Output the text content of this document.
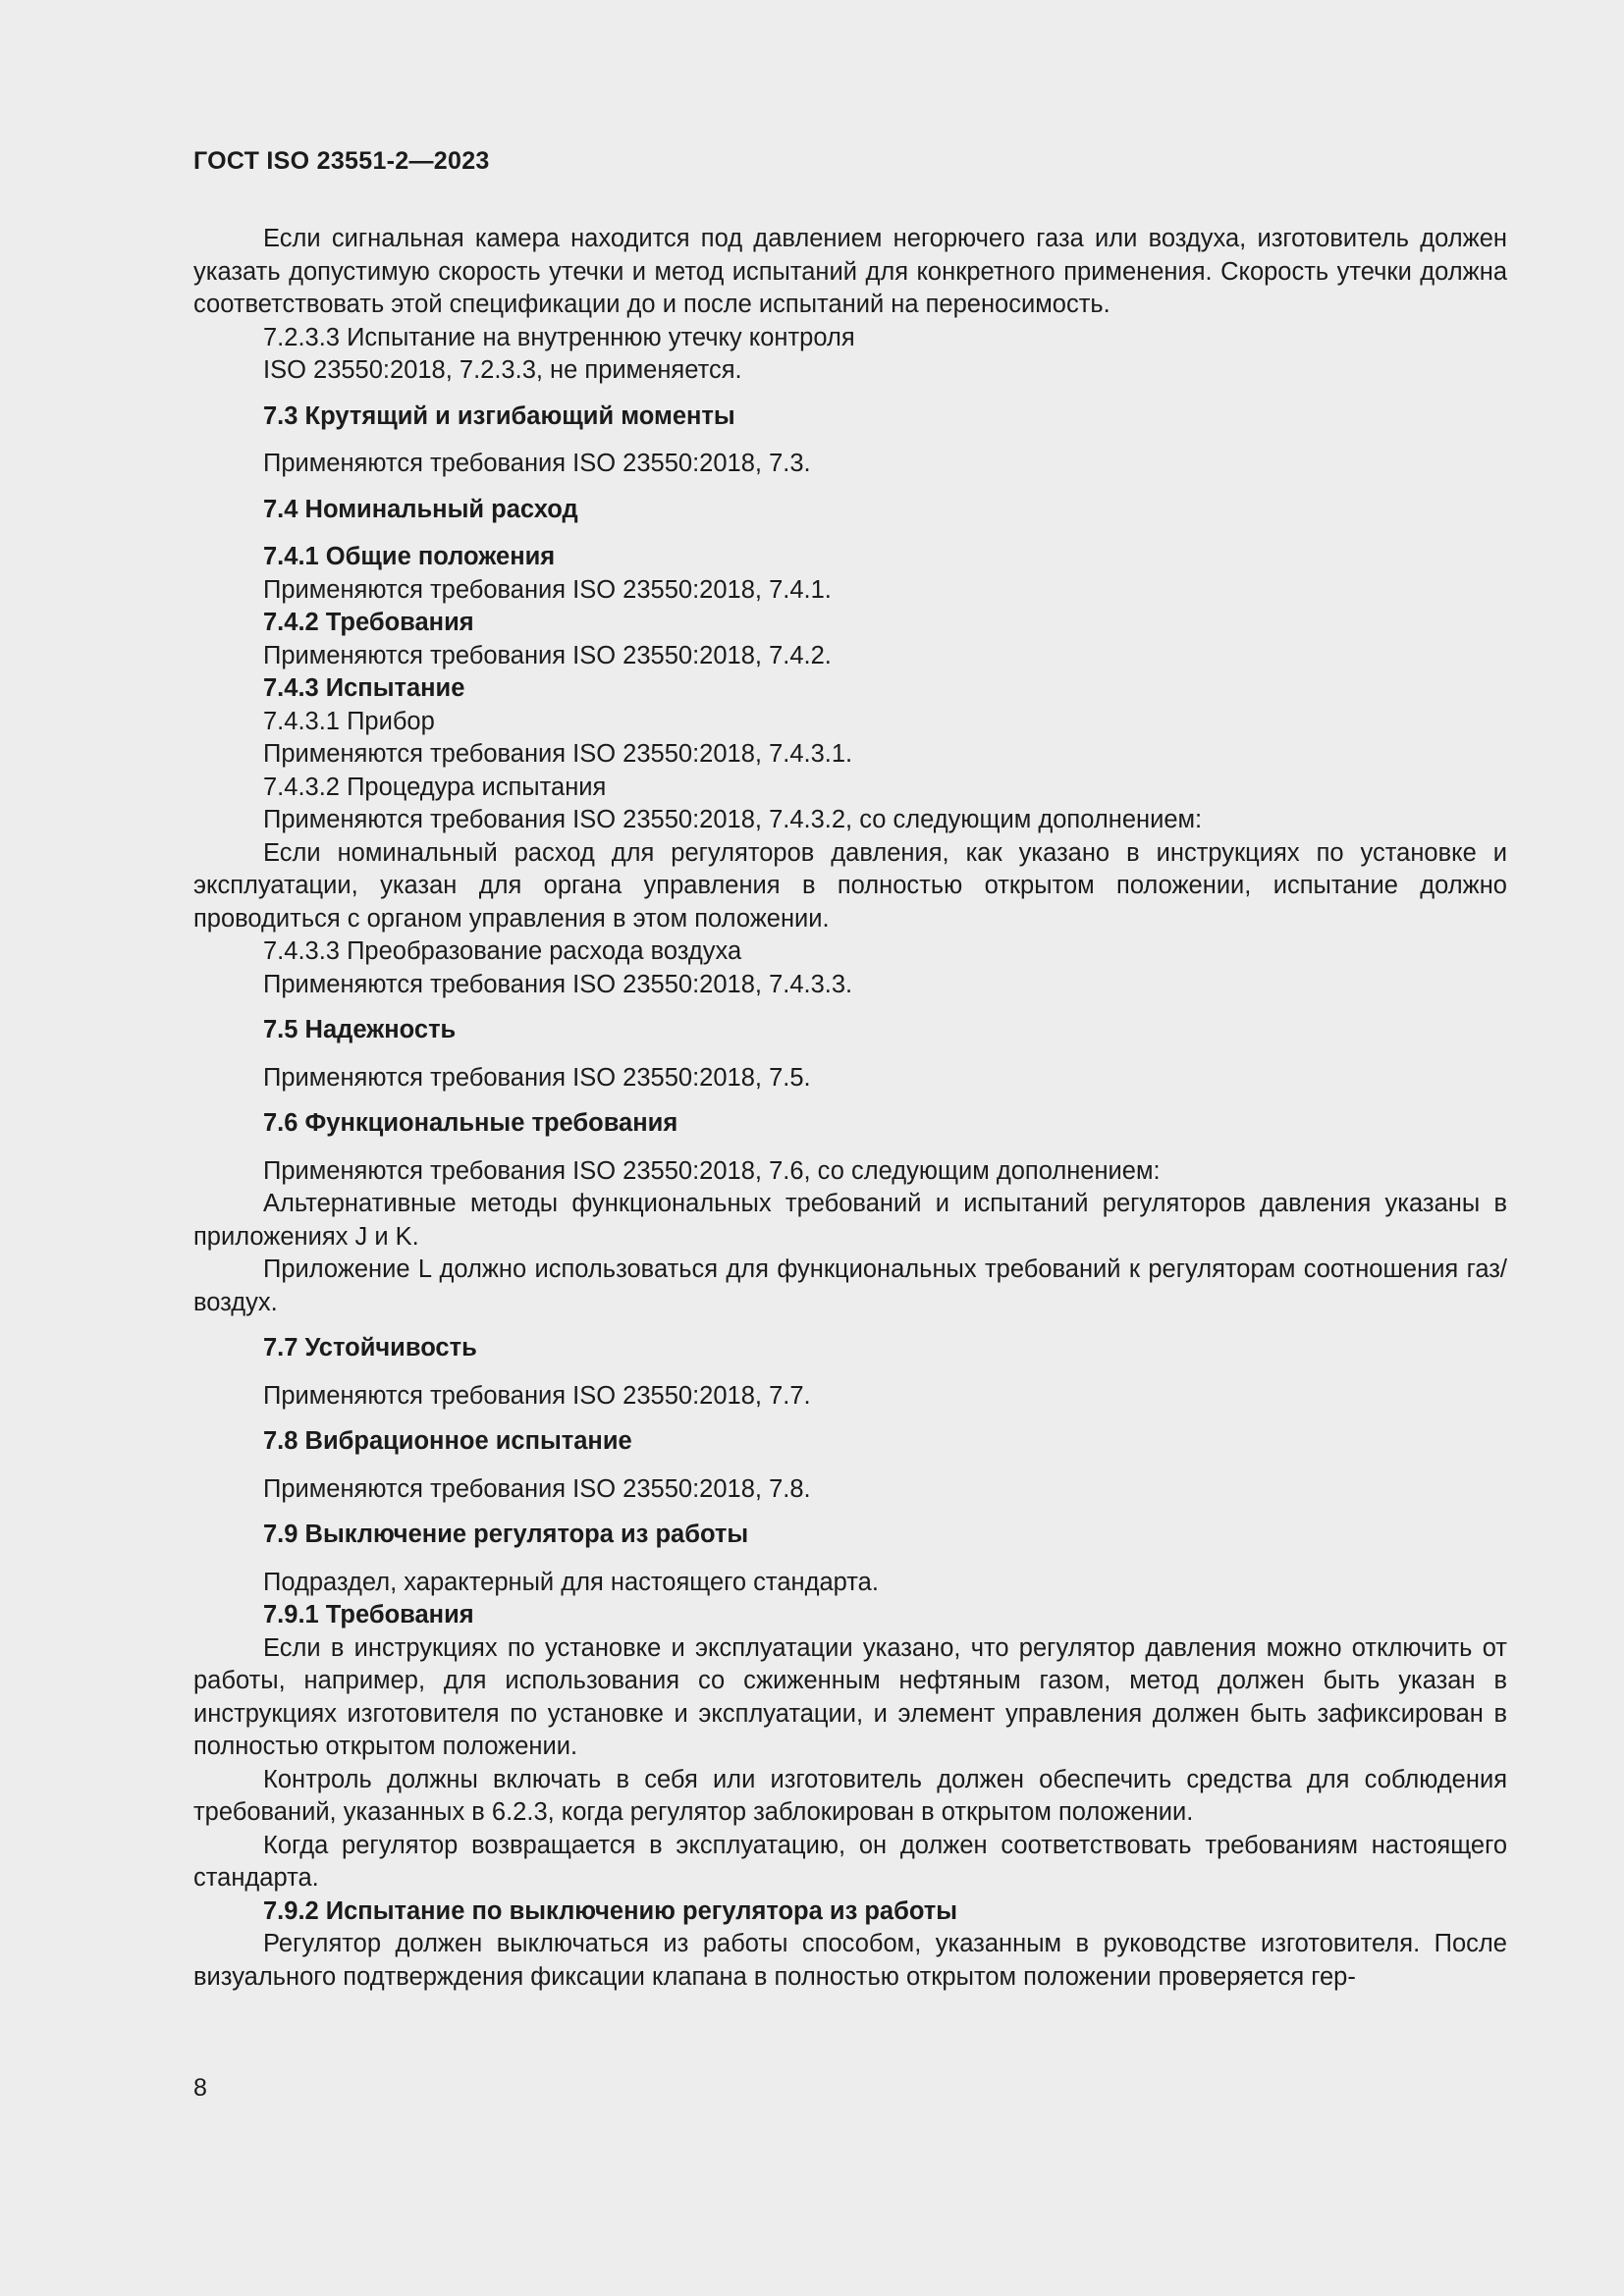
ГОСТ ISO 23551-2—2023
Если сигнальная камера находится под давлением негорючего газа или воздуха, изготовитель должен указать допустимую скорость утечки и метод испытаний для конкретного применения. Скорость утечки должна соответствовать этой спецификации до и после испытаний на переносимость.
7.2.3.3 Испытание на внутреннюю утечку контроля
ISO 23550:2018, 7.2.3.3, не применяется.
7.3 Крутящий и изгибающий моменты
Применяются требования ISO 23550:2018, 7.3.
7.4 Номинальный расход
7.4.1 Общие положения
Применяются требования ISO 23550:2018, 7.4.1.
7.4.2 Требования
Применяются требования ISO 23550:2018, 7.4.2.
7.4.3 Испытание
7.4.3.1 Прибор
Применяются требования ISO 23550:2018, 7.4.3.1.
7.4.3.2 Процедура испытания
Применяются требования ISO 23550:2018, 7.4.3.2, со следующим дополнением:
Если номинальный расход для регуляторов давления, как указано в инструкциях по установке и эксплуатации, указан для органа управления в полностью открытом положении, испытание должно проводиться с органом управления в этом положении.
7.4.3.3 Преобразование расхода воздуха
Применяются требования ISO 23550:2018, 7.4.3.3.
7.5 Надежность
Применяются требования ISO 23550:2018, 7.5.
7.6 Функциональные требования
Применяются требования ISO 23550:2018, 7.6, со следующим дополнением:
Альтернативные методы функциональных требований и испытаний регуляторов давления указаны в приложениях J и K.
Приложение L должно использоваться для функциональных требований к регуляторам соотношения газ/воздух.
7.7 Устойчивость
Применяются требования ISO 23550:2018, 7.7.
7.8 Вибрационное испытание
Применяются требования ISO 23550:2018, 7.8.
7.9 Выключение регулятора из работы
Подраздел, характерный для настоящего стандарта.
7.9.1 Требования
Если в инструкциях по установке и эксплуатации указано, что регулятор давления можно отключить от работы, например, для использования со сжиженным нефтяным газом, метод должен быть указан в инструкциях изготовителя по установке и эксплуатации, и элемент управления должен быть зафиксирован в полностью открытом положении.
Контроль должны включать в себя или изготовитель должен обеспечить средства для соблюдения требований, указанных в 6.2.3, когда регулятор заблокирован в открытом положении.
Когда регулятор возвращается в эксплуатацию, он должен соответствовать требованиям настоящего стандарта.
7.9.2 Испытание по выключению регулятора из работы
Регулятор должен выключаться из работы способом, указанным в руководстве изготовителя. После визуального подтверждения фиксации клапана в полностью открытом положении проверяется гер-
8
